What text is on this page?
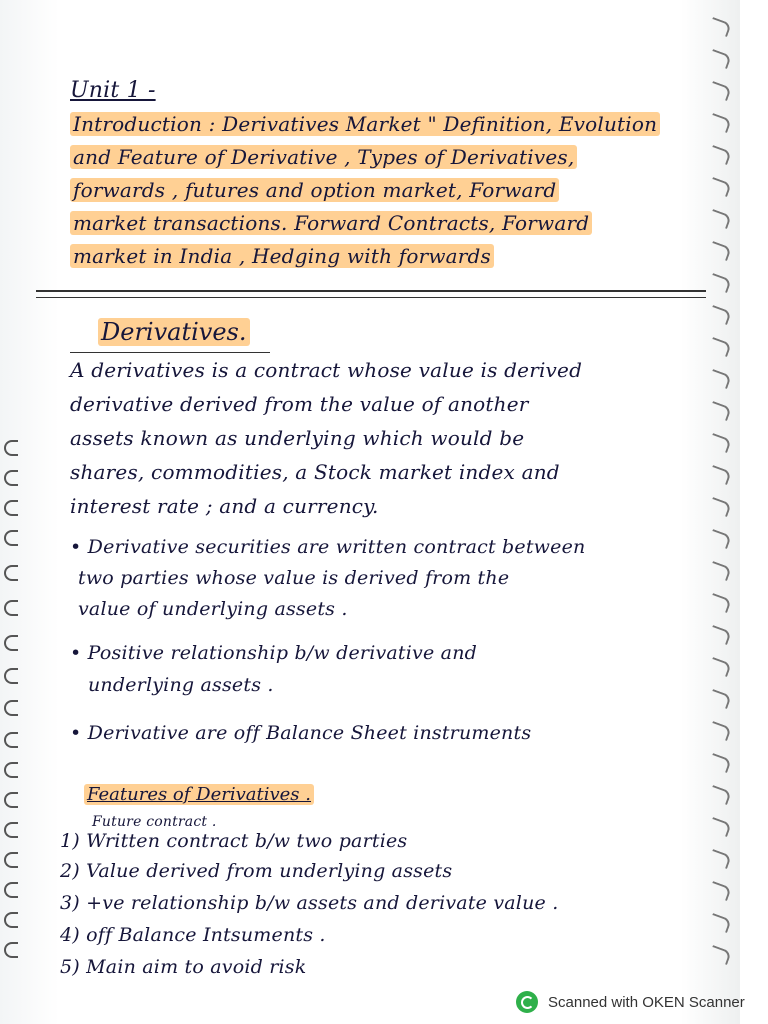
Unit 1 -
Introduction : Derivatives Market " Definition, Evolution
and Feature of Derivative , Types of Derivatives,
forwards , futures and option market, Forward
market transactions. Forward Contracts, Forward
market in India , Hedging with forwards
Derivatives.
A derivatives is a contract whose value is derived
derivative derived from the value of another
assets known as underlying which would be
shares, commodities, a Stock market index and
interest rate ; and a currency.
• Derivative securities are written contract between
two parties whose value is derived from the
value of underlying assets .
• Positive relationship b/w derivative and
underlying assets .
• Derivative are off Balance Sheet instruments
Features of Derivatives .
Future contract .
1) Written contract b/w two parties
2) Value derived from underlying assets
3) +ve relationship b/w assets and derivate value .
4) off Balance Intsuments .
5) Main aim to avoid risk
Scanned with OKEN Scanner
